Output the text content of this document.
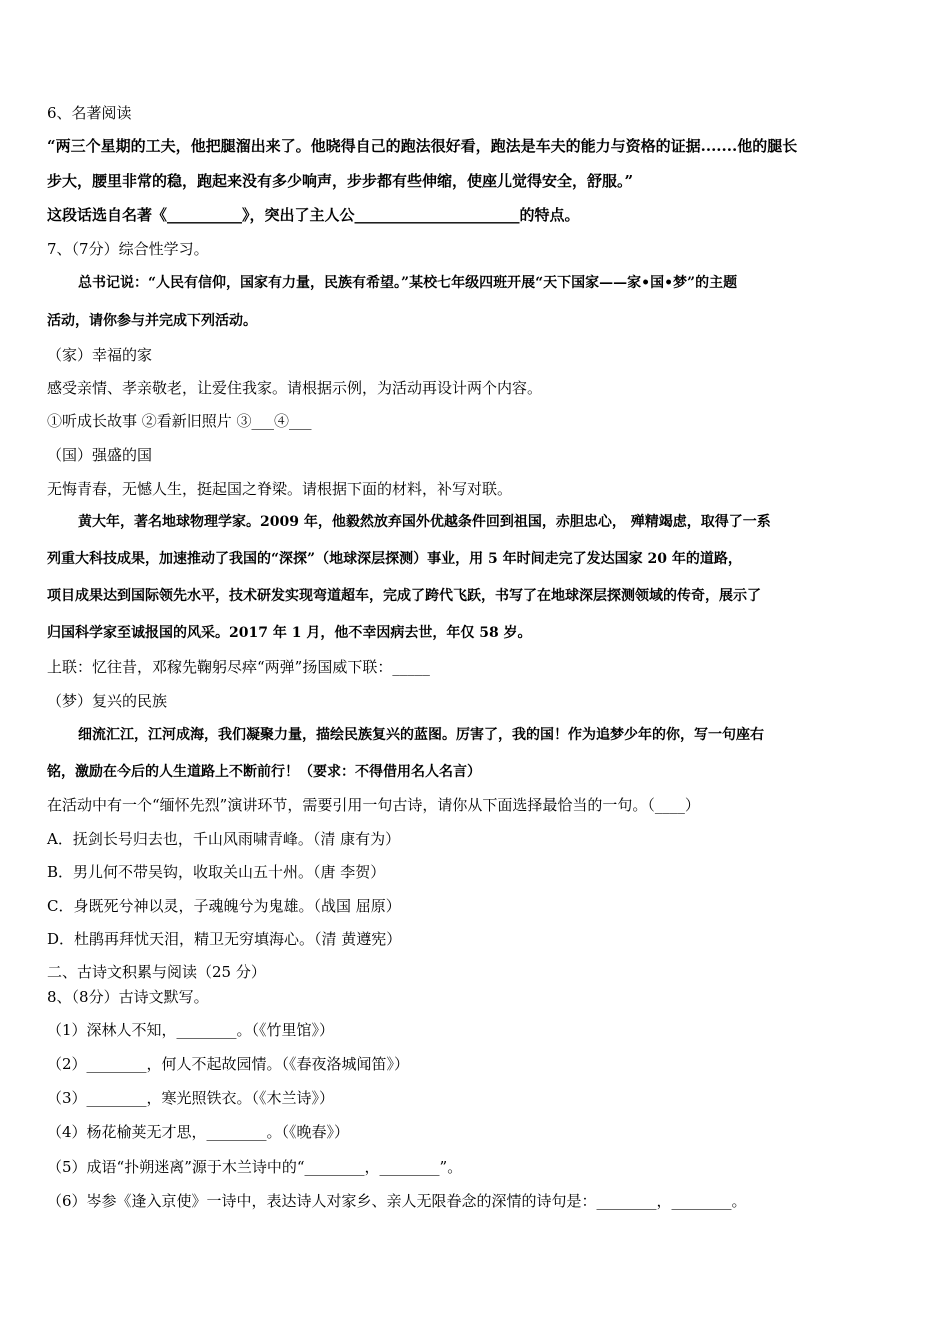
6、名著阅读
“两三个星期的工夫，他把腿溜出来了。他晓得自己的跑法很好看，跑法是车夫的能力与资格的证据.......他的腿长
步大，腰里非常的稳，跑起来没有多少响声，步步都有些伸缩，使座儿觉得安全，舒服。”
这段话选自名著《__________》，突出了主人公______________________的特点。
7、（7分）综合性学习。
总书记说：“人民有信仰，国家有力量，民族有希望。”某校七年级四班开展“天下国家——家•国•梦”的主题
活动，请你参与并完成下列活动。
（家）幸福的家
感受亲情、孝亲敬老，让爱住我家。请根据示例，为活动再设计两个内容。
①听成长故事 ②看新旧照片 ③___④___
（国）强盛的国
无悔青春，无憾人生，挺起国之脊梁。请根据下面的材料，补写对联。
黄大年，著名地球物理学家。2009 年，他毅然放弃国外优越条件回到祖国，赤胆忠心， 殚精竭虑，取得了一系
列重大科技成果，加速推动了我国的“深探”（地球深层探测）事业，用 5 年时间走完了发达国家 20 年的道路，
项目成果达到国际领先水平，技术研发实现弯道超车，完成了跨代飞跃，书写了在地球深层探测领域的传奇，展示了
归国科学家至诚报国的风采。2017 年 1 月，他不幸因病去世，年仅 58 岁。
上联：忆往昔，邓稼先鞠躬尽瘁“两弹”扬国威下联：_____
（梦）复兴的民族
细流汇江，江河成海，我们凝聚力量，描绘民族复兴的蓝图。厉害了，我的国！作为追梦少年的你，写一句座右
铭，激励在今后的人生道路上不断前行！（要求：不得借用名人名言）
在活动中有一个“缅怀先烈”演讲环节，需要引用一句古诗，请你从下面选择最恰当的一句。（____）
A．抚剑长号归去也，千山风雨啸青峰。（清 康有为）
B．男儿何不带吴钩，收取关山五十州。（唐 李贺）
C．身既死兮神以灵，子魂魄兮为鬼雄。（战国 屈原）
D．杜鹃再拜忧天泪，精卫无穷填海心。（清 黄遵宪）
二、古诗文积累与阅读（25 分）
8、（8分）古诗文默写。
（1）深林人不知，________。（《竹里馆》）
（2）________，何人不起故园情。（《春夜洛城闻笛》）
（3）________，寒光照铁衣。（《木兰诗》）
（4）杨花榆荚无才思，________。（《晚春》）
（5）成语“扑朔迷离”源于木兰诗中的“________，________”。
（6）岑参《逢入京使》一诗中，表达诗人对家乡、亲人无限眷念的深情的诗句是：________，________。
